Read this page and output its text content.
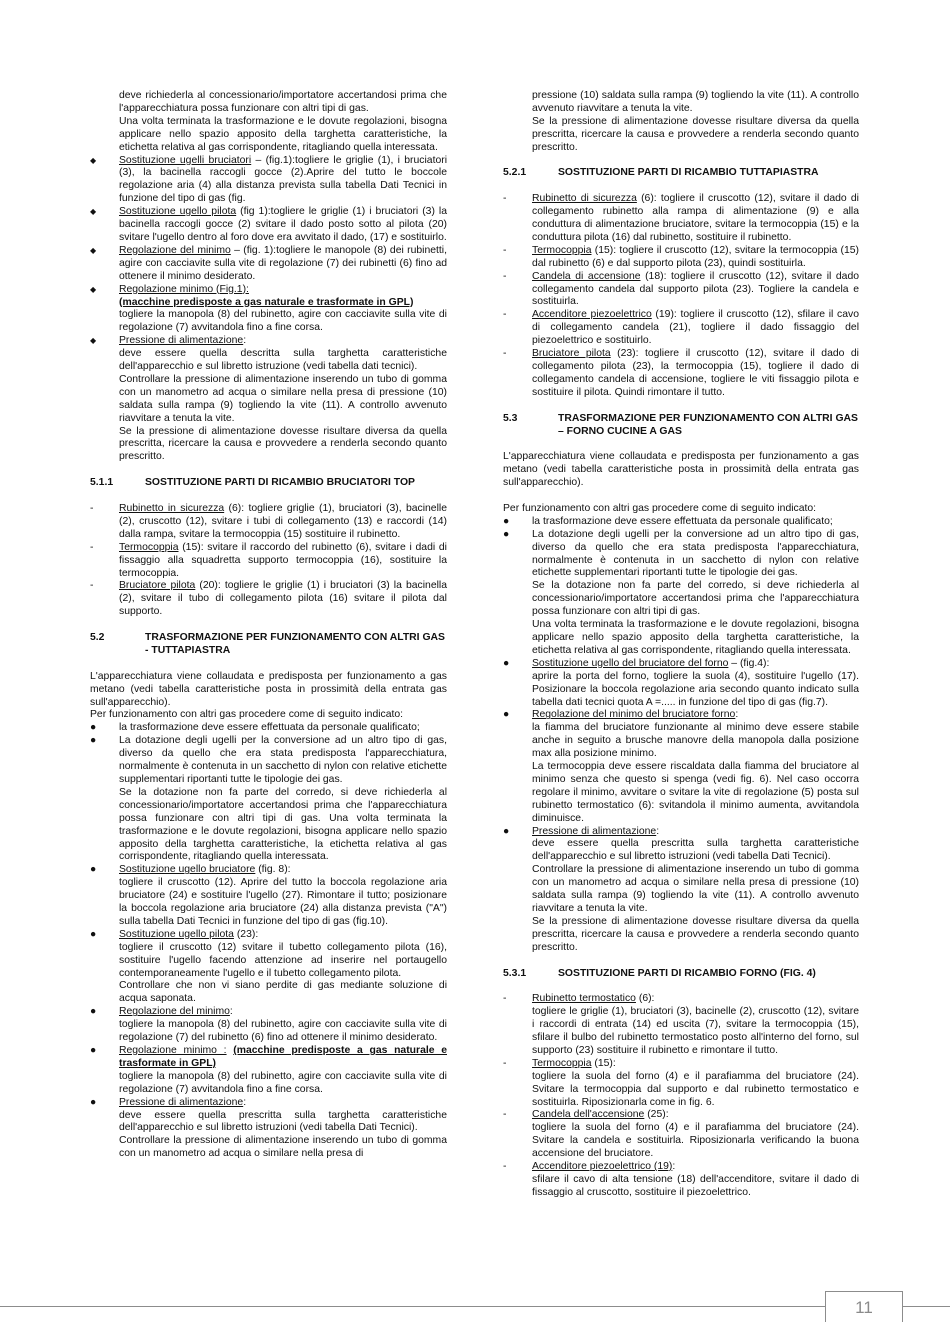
deve richiederla al concessionario/importatore accertandosi prima che l'apparecchiatura possa funzionare con altri tipi di gas.

Una volta terminata la trasformazione e le dovute regolazioni, bisogna applicare nello spazio apposito della targhetta caratteristiche, la etichetta relativa al gas corrispondente, ritagliando quella interessata.

◆ Sostituzione ugelli bruciatori – (fig.1):togliere le griglie (1), i bruciatori (3), la bacinella raccogli gocce (2).Aprire del tutto le boccole regolazione aria (4) alla distanza prevista sulla tabella Dati Tecnici in funzione del tipo di gas (fig.
◆ Sostituzione ugello pilota (fig 1):togliere le griglie (1) i bruciatori (3) la bacinella raccogli gocce (2) svitare il dado posto sotto al pilota (20) svitare l'ugello dentro al foro dove era avvitato il dado, (17) e sostituirlo.
◆ Regolazione del minimo – (fig. 1):togliere le manopole (8) dei rubinetti, agire con cacciavite sulla vite di regolazione (7) dei rubinetti (6) fino ad ottenere il minimo desiderato.
◆ Regolazione minimo (Fig.1):
(macchine predisposte a gas naturale e trasformate in GPL)
togliere la manopola (8) del rubinetto, agire con cacciavite sulla vite di regolazione (7) avvitandola fino a fine corsa.
◆ Pressione di alimentazione:
deve essere quella descritta sulla targhetta caratteristiche dell'apparecchio e sul libretto istruzione (vedi tabella dati tecnici).
Controllare la pressione di alimentazione inserendo un tubo di gomma con un manometro ad acqua o similare nella presa di pressione (10) saldata sulla rampa (9) togliendo la vite (11). A controllo avvenuto riavvitare a tenuta la vite.
Se la pressione di alimentazione dovesse risultare diversa da quella prescritta, ricercare la causa e provvedere a renderla secondo quanto prescritto.
5.1.1	SOSTITUZIONE PARTI DI RICAMBIO BRUCIATORI TOP
- Rubinetto in sicurezza (6): togliere griglie (1), bruciatori (3), bacinelle (2), cruscotto (12), svitare i tubi di collegamento (13) e raccordi (14) dalla rampa, svitare la termocoppia (15) sostituire il rubinetto.
- Termocoppia (15): svitare il raccordo del rubinetto (6), svitare i dadi di fissaggio alla squadretta supporto termocoppia (16), sostituire la termocoppia.
- Bruciatore pilota (20): togliere le griglie (1) i bruciatori (3) la bacinella (2), svitare il tubo di collegamento pilota (16) svitare il pilota dal supporto.
5.2	TRASFORMAZIONE PER FUNZIONAMENTO CON ALTRI GAS - TUTTAPIASTRA

L'apparecchiatura viene collaudata e predisposta per funzionamento a gas metano (vedi tabella caratteristiche posta in prossimità della entrata gas sull'apparecchio).

Per funzionamento con altri gas procedere come di seguito indicato:

● la trasformazione deve essere effettuata da personale qualificato;
● La dotazione degli ugelli per la conversione ad un altro tipo di gas, diverso da quello che era stata predisposta l'apparecchiatura, normalmente è contenuta in un sacchetto di nylon con relative etichette supplementari riportanti tutte le tipologie dei gas.
Se la dotazione non fa parte del corredo, si deve richiederla al concessionario/importatore accertandosi prima che l'apparecchiatura possa funzionare con altri tipi di gas. Una volta terminata la trasformazione e le dovute regolazioni, bisogna applicare nello spazio apposito della targhetta caratteristiche, la etichetta relativa al gas corrispondente, ritagliando quella interessata.
● Sostituzione ugello bruciatore (fig. 8):
togliere il cruscotto (12). Aprire del tutto la boccola regolazione aria bruciatore (24) e sostituire l'ugello (27). Rimontare il tutto; posizionare la boccola regolazione aria bruciatore (24) alla distanza prevista ("A") sulla tabella Dati Tecnici in funzione del tipo di gas (fig.10).
● Sostituzione ugello pilota (23):
togliere il cruscotto (12) svitare il tubetto collegamento pilota (16), sostituire l'ugello facendo attenzione ad inserire nel portaugello contemporaneamente l'ugello e il tubetto collegamento pilota.
Controllare che non vi siano perdite di gas mediante soluzione di acqua saponata.
● Regolazione del minimo:
togliere la manopola (8) del rubinetto, agire con cacciavite sulla vite di regolazione (7) del rubinetto (6) fino ad ottenere il minimo desiderato.
● Regolazione minimo : (macchine predisposte a gas naturale e trasformate in GPL)
togliere la manopola (8) del rubinetto, agire con cacciavite sulla vite di regolazione (7) avvitandola fino a fine corsa.
● Pressione di alimentazione:
deve essere quella prescritta sulla targhetta caratteristiche dell'apparecchio e sul libretto istruzioni (vedi tabella Dati Tecnici).
Controllare la pressione di alimentazione inserendo un tubo di gomma con un manometro ad acqua o similare nella presa di

pressione (10) saldata sulla rampa (9) togliendo la vite (11). A controllo avvenuto riavvitare a tenuta la vite.

Se la pressione di alimentazione dovesse risultare diversa da quella prescritta, ricercare la causa e provvedere a renderla secondo quanto prescritto.

5.2.1	SOSTITUZIONE PARTI DI RICAMBIO TUTTAPIASTRA
- Rubinetto di sicurezza (6): togliere il cruscotto (12), svitare il dado di collegamento rubinetto alla rampa di alimentazione (9) e alla conduttura di alimentazione bruciatore, svitare la termocoppia (15) e la conduttura pilota (16) dal rubinetto, sostituire il rubinetto.
- Termocoppia (15): togliere il cruscotto (12), svitare la termocoppia (15) dal rubinetto (6) e dal supporto pilota (23), quindi sostituirla.
- Candela di accensione (18): togliere il cruscotto (12), svitare il dado collegamento candela dal supporto pilota (23). Togliere la candela e sostituirla.
- Accenditore piezoelettrico (19): togliere il cruscotto (12), sfilare il cavo di collegamento candela (21), togliere il dado fissaggio del piezoelettrico e sostituirlo.
- Bruciatore pilota (23): togliere il cruscotto (12), svitare il dado di collegamento pilota (23), la termocoppia (15), togliere il dado di collegamento candela di accensione, togliere le viti fissaggio pilota e sostituire il pilota. Quindi rimontare il tutto.
5.3	TRASFORMAZIONE PER FUNZIONAMENTO CON ALTRI GAS – FORNO CUCINE A GAS

L'apparecchiatura viene collaudata e predisposta per funzionamento a gas metano (vedi tabella caratteristiche posta in prossimità della entrata gas sull'apparecchio).

Per funzionamento con altri gas procedere come di seguito indicato:

● la trasformazione deve essere effettuata da personale qualificato;
● La dotazione degli ugelli per la conversione ad un altro tipo di gas, diverso da quello che era stata predisposta l'apparecchiatura, normalmente è contenuta in un sacchetto di nylon con relative etichette supplementari riportanti tutte le tipologie dei gas.
Se la dotazione non fa parte del corredo, si deve richiederla al concessionario/importatore accertandosi prima che l'apparecchiatura possa funzionare con altri tipi di gas.
Una volta terminata la trasformazione e le dovute regolazioni, bisogna applicare nello spazio apposito della targhetta caratteristiche, la etichetta relativa al gas corrispondente, ritagliando quella interessata.
● Sostituzione ugello del bruciatore del forno – (fig.4):
aprire la porta del forno, togliere la suola (4), sostituire l'ugello (17). Posizionare la boccola regolazione aria secondo quanto indicato sulla tabella dati tecnici quota A =..... in funzione del tipo di gas (fig.7).
● Regolazione del minimo del bruciatore forno:
la fiamma del bruciatore funzionante al minimo deve essere stabile anche in seguito a brusche manovre della manopola dalla posizione max alla posizione minimo.
La termocoppia deve essere riscaldata dalla fiamma del bruciatore al minimo senza che questo si spenga (vedi fig. 6). Nel caso occorra regolare il minimo, avvitare o svitare la vite di regolazione (5) posta sul rubinetto termostatico (6): svitandola il minimo aumenta, avvitandola diminuisce.
● Pressione di alimentazione:
deve essere quella prescritta sulla targhetta caratteristiche dell'apparecchio e sul libretto istruzioni (vedi tabella Dati Tecnici).
Controllare la pressione di alimentazione inserendo un tubo di gomma con un manometro ad acqua o similare nella presa di pressione (10) saldata sulla rampa (9) togliendo la vite (11). A controllo avvenuto riavvitare a tenuta la vite.
Se la pressione di alimentazione dovesse risultare diversa da quella prescritta, ricercare la causa e provvedere a renderla secondo quanto prescritto.
5.3.1	SOSTITUZIONE PARTI DI RICAMBIO FORNO (FIG. 4)
- Rubinetto termostatico (6):
togliere le griglie (1), bruciatori (3), bacinelle (2), cruscotto (12), svitare i raccordi di entrata (14) ed uscita (7), svitare la termocoppia (15), sfilare il bulbo del rubinetto termostatico posto all'interno del forno, sul supporto (23) sostituire il rubinetto e rimontare il tutto.
- Termocoppia (15):
togliere la suola del forno (4) e il parafiamma del bruciatore (24). Svitare la termocoppia dal supporto e dal rubinetto termostatico e sostituirla. Riposizionarla come in fig. 6.
- Candela dell'accensione (25):
togliere la suola del forno (4) e il parafiamma del bruciatore (24). Svitare la candela e sostituirla. Riposizionarla verificando la buona accensione del bruciatore.
- Accenditore piezoelettrico (19):
sfilare il cavo di alta tensione (18) dell'accenditore, svitare il dado di fissaggio al cruscotto, sostituire il piezoelettrico.
11
